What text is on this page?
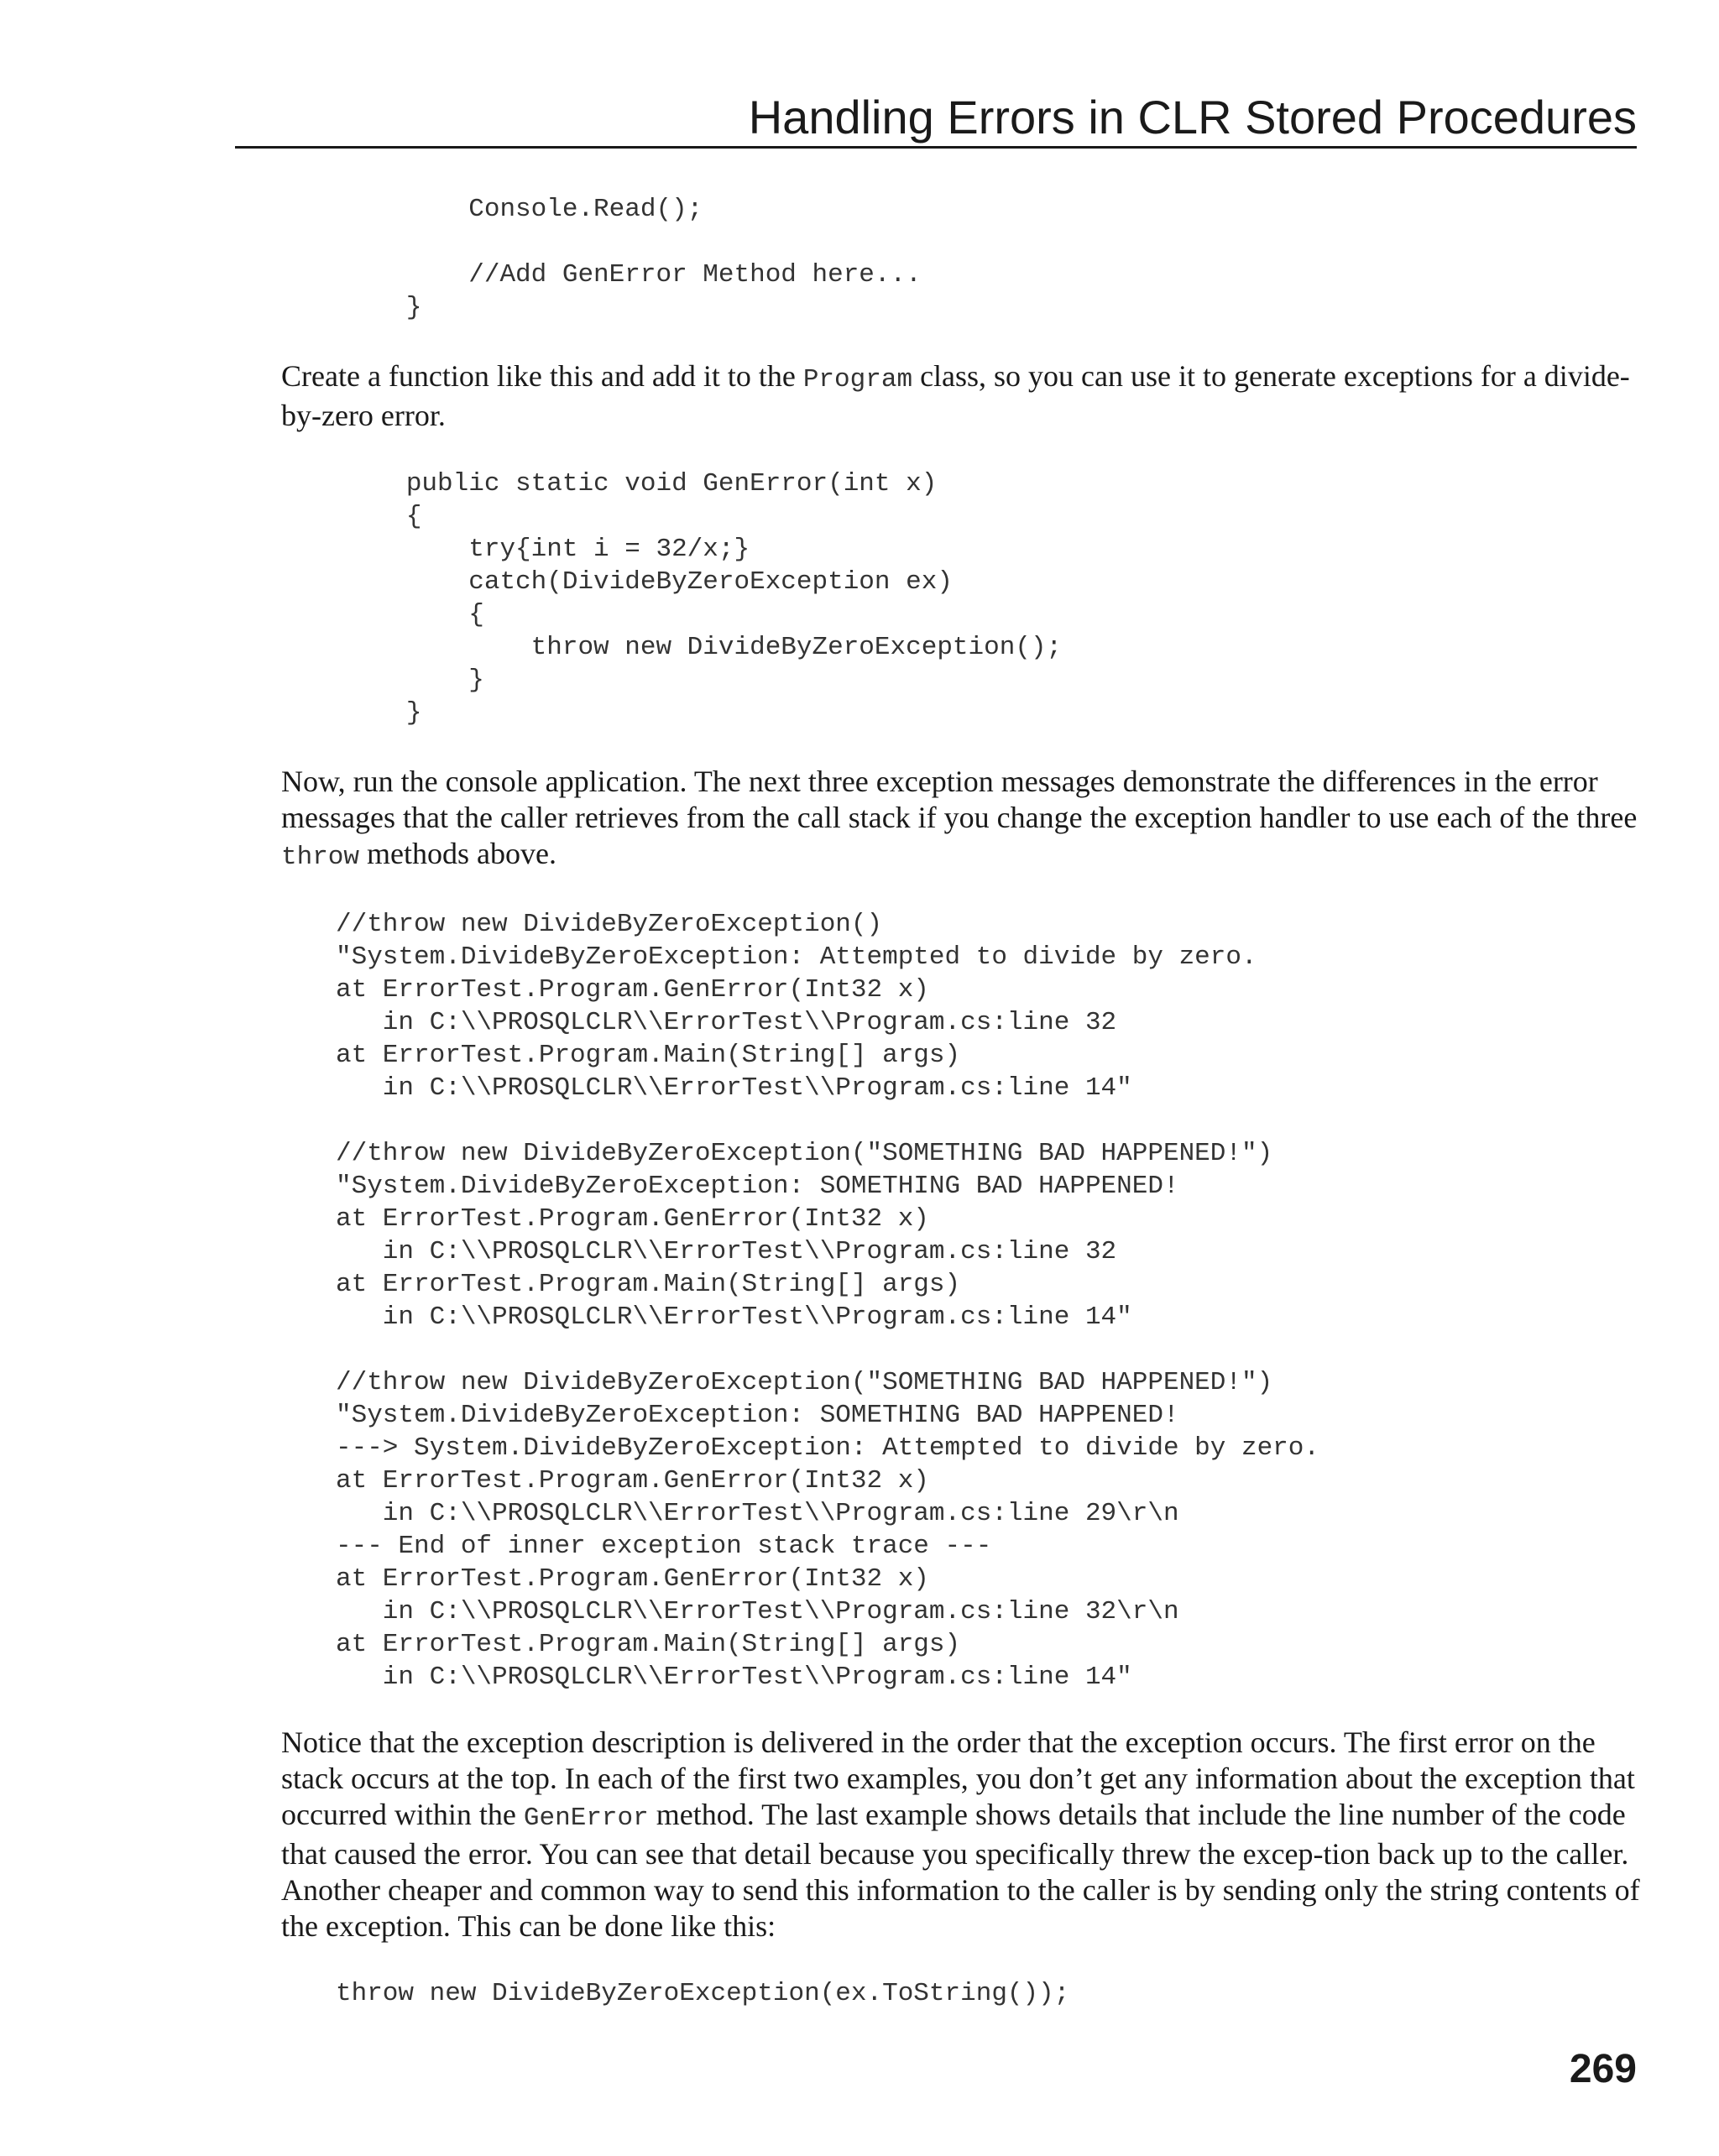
Handling Errors in CLR Stored Procedures
Console.Read();

//Add GenError Method here...
}

Create a function like this and add it to the Program class, so you can use it to generate exceptions for a divide-by-zero error.

public static void GenError(int x)
{
try{int i = 32/x;}
catch(DivideByZeroException ex)
{
throw new DivideByZeroException();
}
}

Now, run the console application. The next three exception messages demonstrate the differences in the error messages that the caller retrieves from the call stack if you change the exception handler to use each of the three throw methods above.

//throw new DivideByZeroException()
"System.DivideByZeroException: Attempted to divide by zero.
at ErrorTest.Program.GenError(Int32 x)
in C:\\PROSQLCLR\\ErrorTest\\Program.cs:line 32
at ErrorTest.Program.Main(String[] args)
in C:\\PROSQLCLR\\ErrorTest\\Program.cs:line 14"

//throw new DivideByZeroException("SOMETHING BAD HAPPENED!")
"System.DivideByZeroException: SOMETHING BAD HAPPENED!
at ErrorTest.Program.GenError(Int32 x)
in C:\\PROSQLCLR\\ErrorTest\\Program.cs:line 32
at ErrorTest.Program.Main(String[] args)
in C:\\PROSQLCLR\\ErrorTest\\Program.cs:line 14"

//throw new DivideByZeroException("SOMETHING BAD HAPPENED!")
"System.DivideByZeroException: SOMETHING BAD HAPPENED!
---> System.DivideByZeroException: Attempted to divide by zero.
at ErrorTest.Program.GenError(Int32 x)
in C:\\PROSQLCLR\\ErrorTest\\Program.cs:line 29\r\n
--- End of inner exception stack trace ---
at ErrorTest.Program.GenError(Int32 x)
in C:\\PROSQLCLR\\ErrorTest\\Program.cs:line 32\r\n
at ErrorTest.Program.Main(String[] args)
in C:\\PROSQLCLR\\ErrorTest\\Program.cs:line 14"

Notice that the exception description is delivered in the order that the exception occurs. The first error on the stack occurs at the top. In each of the first two examples, you don’t get any information about the exception that occurred within the GenError method. The last example shows details that include the line number of the code that caused the error. You can see that detail because you specifically threw the excep-tion back up to the caller. Another cheaper and common way to send this information to the caller is by sending only the string contents of the exception. This can be done like this:

throw new DivideByZeroException(ex.ToString());
269
